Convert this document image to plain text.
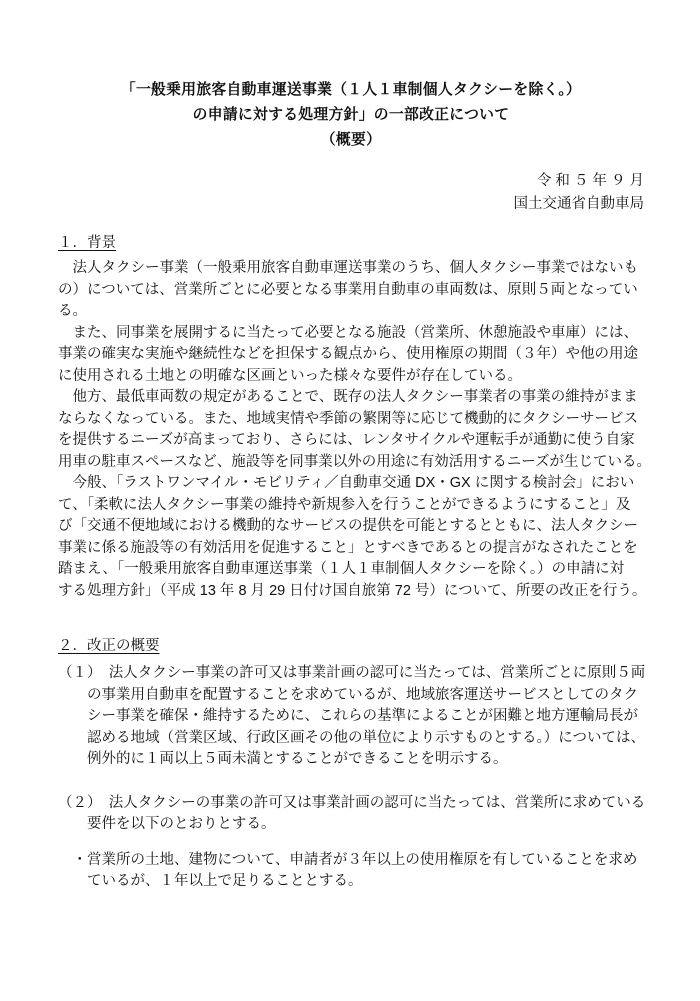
「一般乗用旅客自動車運送事業（１人１車制個人タクシーを除く。）
の申請に対する処理方針」の一部改正について
（概要）
令 和 ５ 年 ９ 月
国土交通省自動車局
１．背景
　法人タクシー事業（一般乗用旅客自動車運送事業のうち、個人タクシー事業ではないも
の）については、営業所ごとに必要となる事業用自動車の車両数は、原則５両となってい
る。
　また、同事業を展開するに当たって必要となる施設（営業所、休憩施設や車庫）には、
事業の確実な実施や継続性などを担保する観点から、使用権原の期間（３年）や他の用途
に使用される土地との明確な区画といった様々な要件が存在している。
　他方、最低車両数の規定があることで、既存の法人タクシー事業者の事業の維持がまま
ならなくなっている。また、地域実情や季節の繁閑等に応じて機動的にタクシーサービス
を提供するニーズが高まっており、さらには、レンタサイクルや運転手が通勤に使う自家
用車の駐車スペースなど、施設等を同事業以外の用途に有効活用するニーズが生じている。
　今般、「ラストワンマイル・モビリティ／自動車交通 DX・GX に関する検討会」におい
て、「柔軟に法人タクシー事業の維持や新規参入を行うことができるようにすること」及
び「交通不便地域における機動的なサービスの提供を可能とするとともに、法人タクシー
事業に係る施設等の有効活用を促進すること」とすべきであるとの提言がなされたことを
踏まえ、「一般乗用旅客自動車運送事業（１人１車制個人タクシーを除く。）の申請に対
する処理方針」（平成 13 年 8 月 29 日付け国自旅第 72 号）について、所要の改正を行う。
２．改正の概要
（１）　法人タクシー事業の許可又は事業計画の認可に当たっては、営業所ごとに原則５両
　　の事業用自動車を配置することを求めているが、地域旅客運送サービスとしてのタク
　　シー事業を確保・維持するために、これらの基準によることが困難と地方運輸局長が
　　認める地域（営業区域、行政区画その他の単位により示すものとする。）については、
　　例外的に１両以上５両未満とすることができることを明示する。
（２）　法人タクシーの事業の許可又は事業計画の認可に当たっては、営業所に求めている
　　要件を以下のとおりとする。
　・営業所の土地、建物について、申請者が３年以上の使用権原を有していることを求め
　　ているが、１年以上で足りることとする。
